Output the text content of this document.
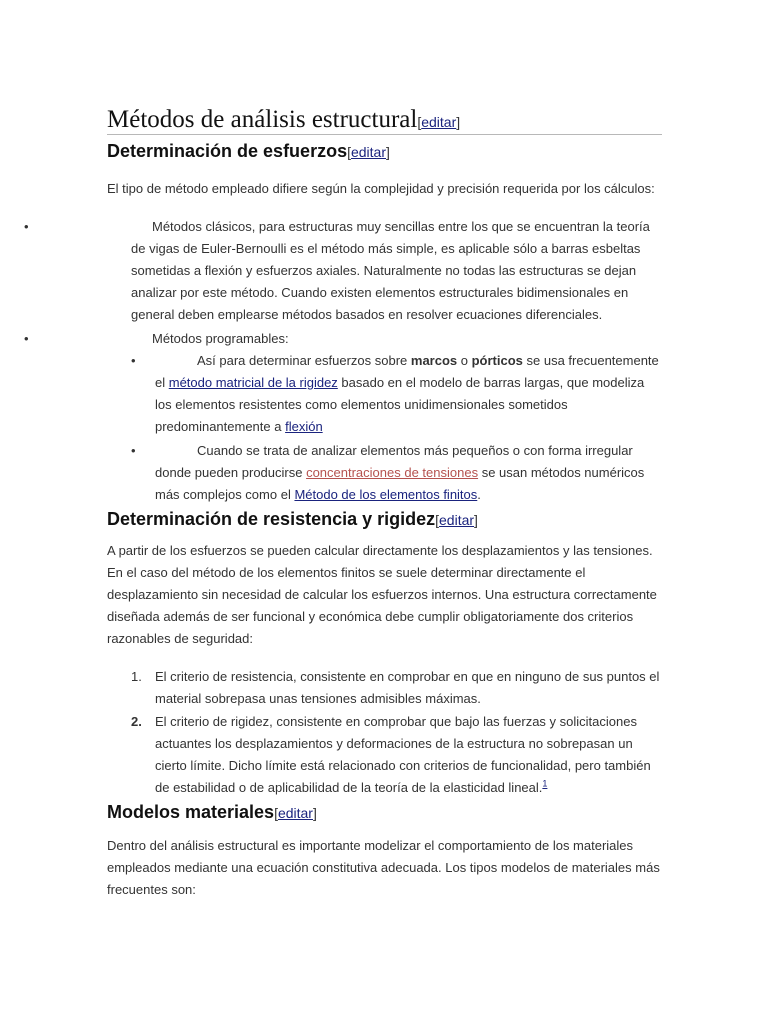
Métodos de análisis estructural[editar]
Determinación de esfuerzos[editar]

El tipo de método empleado difiere según la complejidad y precisión requerida por los cálculos:

•	Métodos clásicos, para estructuras muy sencillas entre los que se encuentran la teoría de vigas de Euler-Bernoulli es el método más simple, es aplicable sólo a barras esbeltas sometidas a flexión y esfuerzos axiales. Naturalmente no todas las estructuras se dejan analizar por este método. Cuando existen elementos estructurales bidimensionales en general deben emplearse métodos basados en resolver ecuaciones diferenciales.
•	Métodos programables:
•	Así para determinar esfuerzos sobre marcos o pórticos se usa frecuentemente el método matricial de la rigidez basado en el modelo de barras largas, que modeliza los elementos resistentes como elementos unidimensionales sometidos predominantemente a flexión
•	Cuando se trata de analizar elementos más pequeños o con forma irregular donde pueden producirse concentraciones de tensiones se usan métodos numéricos más complejos como el Método de los elementos finitos.
Determinación de resistencia y rigidez[editar]

A partir de los esfuerzos se pueden calcular directamente los desplazamientos y las tensiones. En el caso del método de los elementos finitos se suele determinar directamente el desplazamiento sin necesidad de calcular los esfuerzos internos. Una estructura correctamente diseñada además de ser funcional y económica debe cumplir obligatoriamente dos criterios razonables de seguridad:

1. El criterio de resistencia, consistente en comprobar en que en ninguno de sus puntos el material sobrepasa unas tensiones admisibles máximas.
2. El criterio de rigidez, consistente en comprobar que bajo las fuerzas y solicitaciones actuantes los desplazamientos y deformaciones de la estructura no sobrepasan un cierto límite. Dicho límite está relacionado con criterios de funcionalidad, pero también de estabilidad o de aplicabilidad de la teoría de la elasticidad lineal.$^1$
Modelos materiales[editar]

Dentro del análisis estructural es importante modelizar el comportamiento de los materiales empleados mediante una ecuación constitutiva adecuada. Los tipos modelos de materiales más frecuentes son:
